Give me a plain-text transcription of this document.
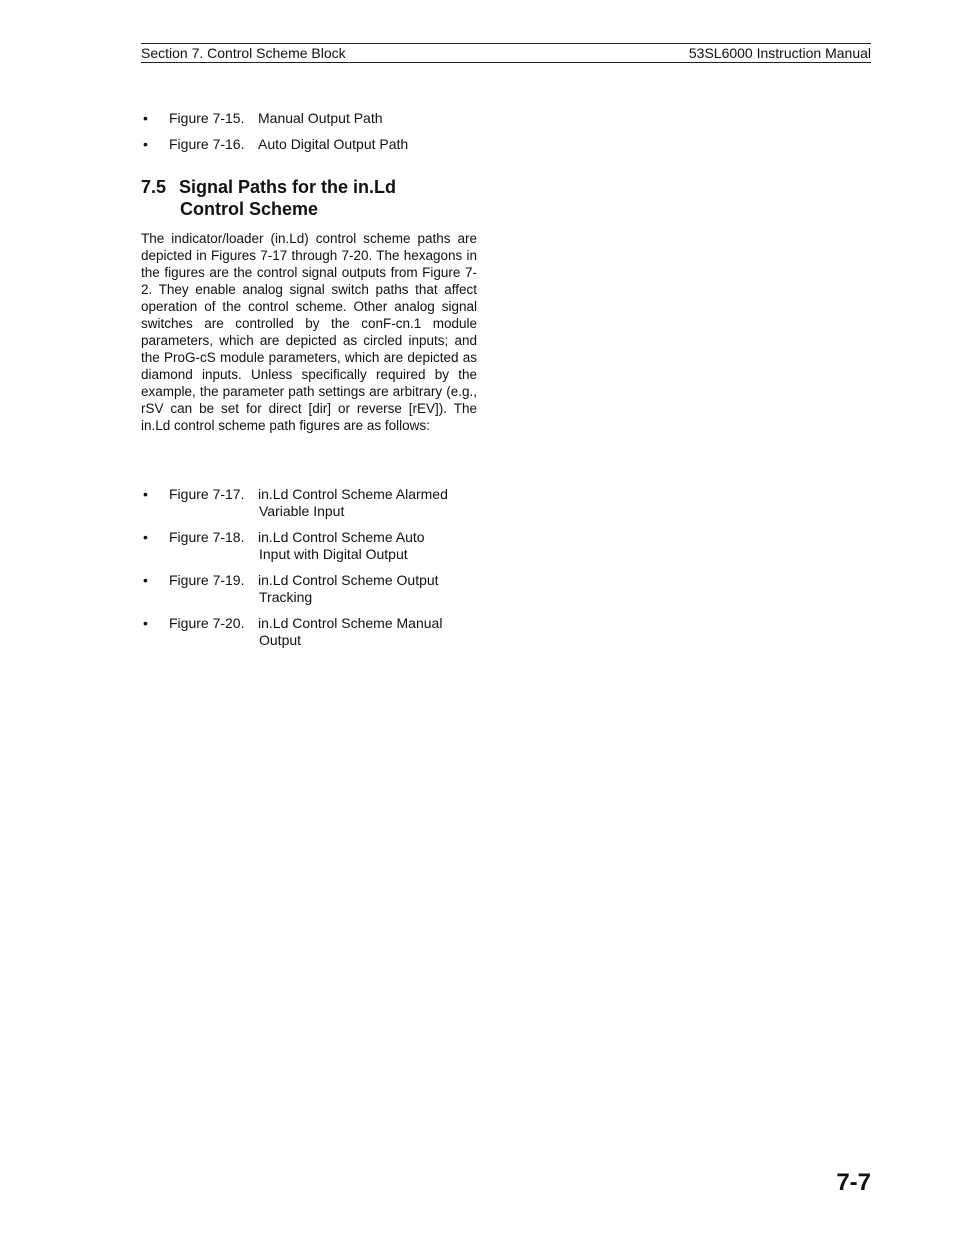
Section 7. Control Scheme Block	53SL6000 Instruction Manual
• Figure 7-15. Manual Output Path
• Figure 7-16. Auto Digital Output Path
7.5 Signal Paths for the in.Ld
Control Scheme
The indicator/loader (in.Ld) control scheme paths are depicted in Figures 7-17 through 7-20. The hexagons in the figures are the control signal outputs from Figure 7-2. They enable analog signal switch paths that affect operation of the control scheme. Other analog signal switches are controlled by the conF-cn.1 module parameters, which are depicted as circled inputs; and the ProG-cS module parameters, which are depicted as diamond inputs. Unless specifically required by the example, the parameter path settings are arbitrary (e.g., rSV can be set for direct [dir] or reverse [rEV]). The in.Ld control scheme path figures are as follows:
• Figure 7-17. in.Ld Control Scheme Alarmed
Variable Input
• Figure 7-18. in.Ld Control Scheme Auto
Input with Digital Output
• Figure 7-19. in.Ld Control Scheme Output
Tracking
• Figure 7-20. in.Ld Control Scheme Manual
Output
7-7
